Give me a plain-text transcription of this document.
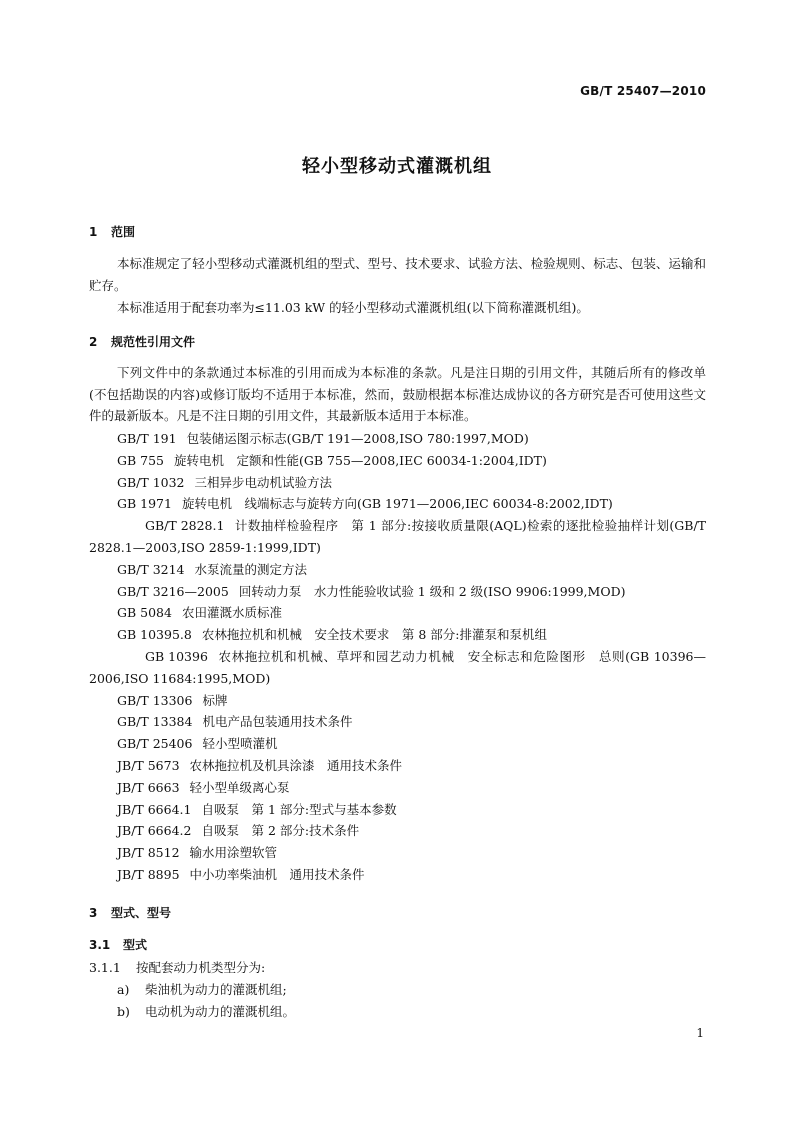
GB/T 25407—2010
轻小型移动式灌溉机组
1 范围
本标准规定了轻小型移动式灌溉机组的型式、型号、技术要求、试验方法、检验规则、标志、包装、运输和贮存。
本标准适用于配套功率为≤11.03 kW 的轻小型移动式灌溉机组(以下简称灌溉机组)。
2 规范性引用文件
下列文件中的条款通过本标准的引用而成为本标准的条款。凡是注日期的引用文件，其随后所有的修改单(不包括勘误的内容)或修订版均不适用于本标准，然而，鼓励根据本标准达成协议的各方研究是否可使用这些文件的最新版本。凡是不注日期的引用文件，其最新版本适用于本标准。
GB/T 191 包装储运图示标志(GB/T 191—2008,ISO 780:1997,MOD)
GB 755 旋转电机　定额和性能(GB 755—2008,IEC 60034-1:2004,IDT)
GB/T 1032 三相异步电动机试验方法
GB 1971 旋转电机　线端标志与旋转方向(GB 1971—2006,IEC 60034-8:2002,IDT)
GB/T 2828.1 计数抽样检验程序　第 1 部分:按接收质量限(AQL)检索的逐批检验抽样计划(GB/T 2828.1—2003,ISO 2859-1:1999,IDT)
GB/T 3214 水泵流量的测定方法
GB/T 3216—2005 回转动力泵　水力性能验收试验 1 级和 2 级(ISO 9906:1999,MOD)
GB 5084 农田灌溉水质标准
GB 10395.8 农林拖拉机和机械　安全技术要求　第 8 部分:排灌泵和泵机组
GB 10396 农林拖拉机和机械、草坪和园艺动力机械　安全标志和危险图形　总则(GB 10396—2006,ISO 11684:1995,MOD)
GB/T 13306 标牌
GB/T 13384 机电产品包装通用技术条件
GB/T 25406 轻小型喷灌机
JB/T 5673 农林拖拉机及机具涂漆　通用技术条件
JB/T 6663 轻小型单级离心泵
JB/T 6664.1 自吸泵　第 1 部分:型式与基本参数
JB/T 6664.2 自吸泵　第 2 部分:技术条件
JB/T 8512 输水用涂塑软管
JB/T 8895 中小功率柴油机　通用技术条件
3 型式、型号
3.1 型式
3.1.1 按配套动力机类型分为:
a) 柴油机为动力的灌溉机组;
b) 电动机为动力的灌溉机组。
1
